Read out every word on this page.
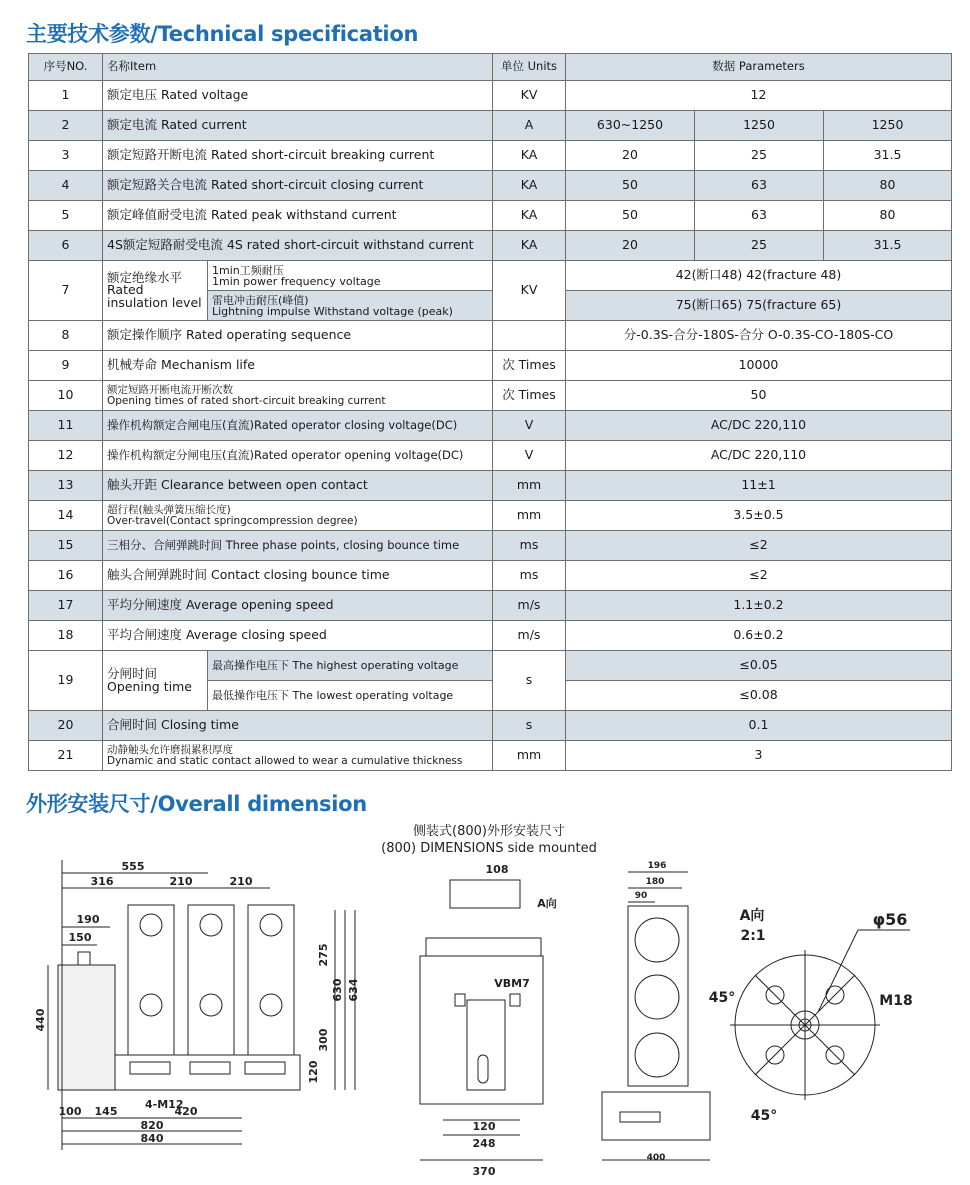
主要技术参数/Technical specification
序号NO.	名称Item		单位 Units	数据 Parameters		
1	额定电压 Rated voltage		KV	12		
2	额定电流 Rated current		A	630~1250	1250	1250
3	额定短路开断电流 Rated short-circuit breaking current		KA	20	25	31.5
4	额定短路关合电流 Rated short-circuit closing current		KA	50	63	80
5	额定峰值耐受电流 Rated peak withstand current		KA	50	63	80
6	4S额定短路耐受电流 4S rated short-circuit withstand current		KA	20	25	31.5
7	额定绝缘水平
Rated
insulation level	1min工频耐压
1min power frequency voltage	KV	42(断口48) 42(fracture 48)		

		雷电冲击耐压(峰值)
Lightning impulse Withstand voltage (peak)		75(断口65) 75(fracture 65)		
8	额定操作顺序 Rated operating sequence			分-0.3S-合分-180S-合分 O-0.3S-CO-180S-CO		
9	机械寿命 Mechanism life		次 Times	10000		
10	额定短路开断电流开断次数
Opening times of rated short-circuit breaking current		次 Times	50		
11	操作机构额定合闸电压(直流)Rated operator closing voltage(DC)		V	AC/DC 220,110		
12	操作机构额定分闸电压(直流)Rated operator opening voltage(DC)		V	AC/DC 220,110		
13	触头开距 Clearance between open contact		mm	11±1		
14	超行程(触头弹簧压缩长度)
Over-travel(Contact springcompression degree)		mm	3.5±0.5		
15	三相分、合闸弹跳时间 Three phase points, closing bounce time		ms	≤2		
16	触头合闸弹跳时间 Contact closing bounce time		ms	≤2		
17	平均分闸速度 Average opening speed		m/s	1.1±0.2		
18	平均合闸速度 Average closing speed		m/s	0.6±0.2		
19	分闸时间
Opening time	最高操作电压下 The highest operating voltage	s	≤0.05		
		最低操作电压下 The lowest operating voltage		≤0.08		
20	合闸时间 Closing time		s	0.1		
21	动静触头允许磨损累积厚度
Dynamic and static contact allowed to wear a cumulative thickness		mm	3		
外形安装尺寸/Overall dimension
侧装式(800)外形安装尺寸
(800) DIMENSIONS side mounted
555
316	210	210
190
150
275
630 634
440
300
120
4-M12
100 145	420
820
840
108
A向
VBM7
120
248
370
196
180
90
400
A向
2:1
φ56
45°	M18
45°
